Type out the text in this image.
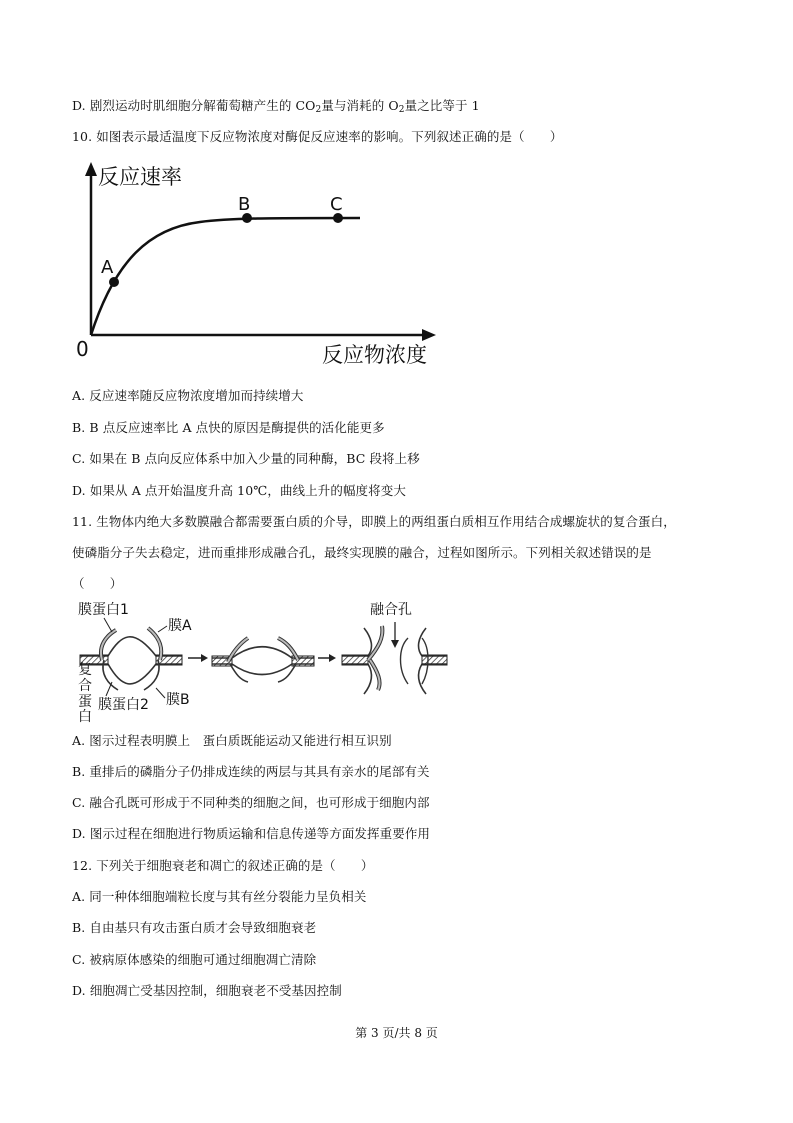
D. 剧烈运动时肌细胞分解葡萄糖产生的 $CO_2$量与消耗的 $O_2$量之比等于 1
10. 如图表示最适温度下反应物浓度对酶促反应速率的影响。下列叙述正确的是（　　）
反应速率
反应物浓度
0
A
B	C
A. 反应速率随反应物浓度增加而持续增大
B. B 点反应速率比 A 点快的原因是酶提供的活化能更多
C. 如果在 B 点向反应体系中加入少量的同种酶，BC 段将上移
D. 如果从 A 点开始温度升高 10℃，曲线上升的幅度将变大
11. 生物体内绝大多数膜融合都需要蛋白质的介导，即膜上的两组蛋白质相互作用结合成螺旋状的复合蛋白，
使磷脂分子失去稳定，进而重排形成融合孔，最终实现膜的融合，过程如图所示。下列相关叙述错误的是
（　　）
膜蛋白1
膜A
融合孔
复
合
蛋
白
膜蛋白2 膜B
A. 图示过程表明膜上　蛋白质既能运动又能进行相互识别
B. 重排后的磷脂分子仍排成连续的两层与其具有亲水的尾部有关
C. 融合孔既可形成于不同种类的细胞之间，也可形成于细胞内部
D. 图示过程在细胞进行物质运输和信息传递等方面发挥重要作用
12. 下列关于细胞衰老和凋亡的叙述正确的是（　　）
A. 同一种体细胞端粒长度与其有丝分裂能力呈负相关
B. 自由基只有攻击蛋白质才会导致细胞衰老
C. 被病原体感染的细胞可通过细胞凋亡清除
D. 细胞凋亡受基因控制，细胞衰老不受基因控制
第 3 页/共 8 页
